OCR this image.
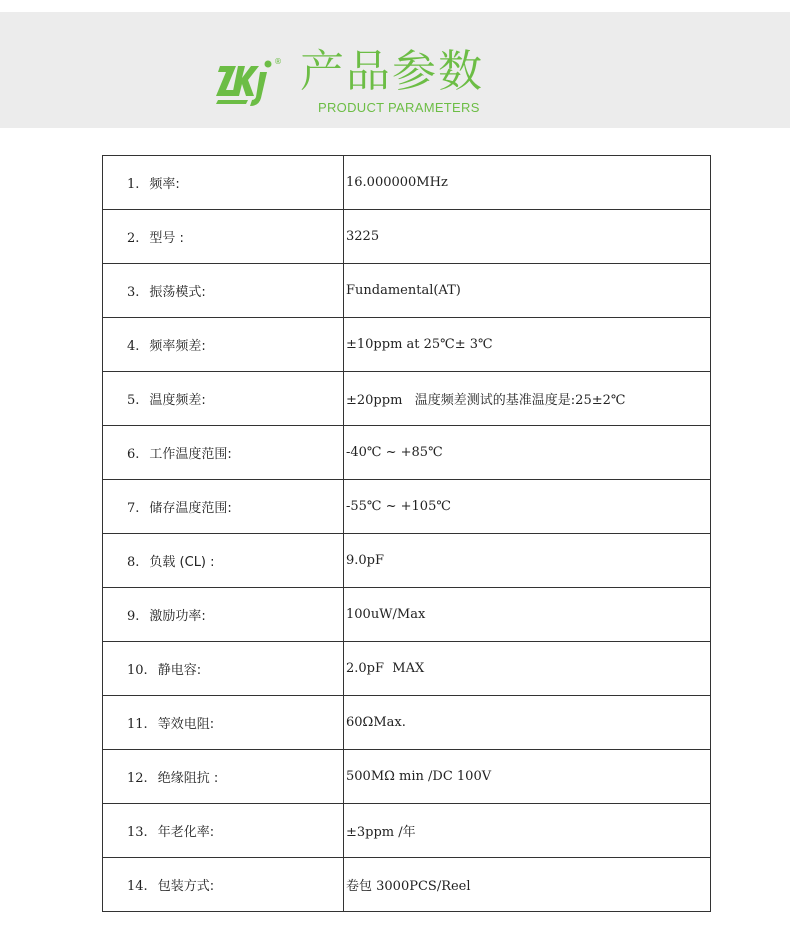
® 产品参数
PRODUCT PARAMETERS
1. 频率:	16.000000MHz
2. 型号 :	3225
3. 振荡模式:	Fundamental(AT)
4. 频率频差:	±10ppm at 25℃± 3℃
5. 温度频差:	±20ppm   温度频差测试的基准温度是:25±2℃
6. 工作温度范围:	-40℃ ~ +85℃
7. 储存温度范围:	-55℃ ~ +105℃
8. 负载 (CL) :	9.0pF
9. 激励功率:	100uW/Max
10. 静电容:	2.0pF  MAX
11. 等效电阻:	60ΩMax.
12. 绝缘阻抗 :	500MΩ min /DC 100V
13. 年老化率:	±3ppm /年
14. 包装方式:	卷包 3000PCS/Reel
